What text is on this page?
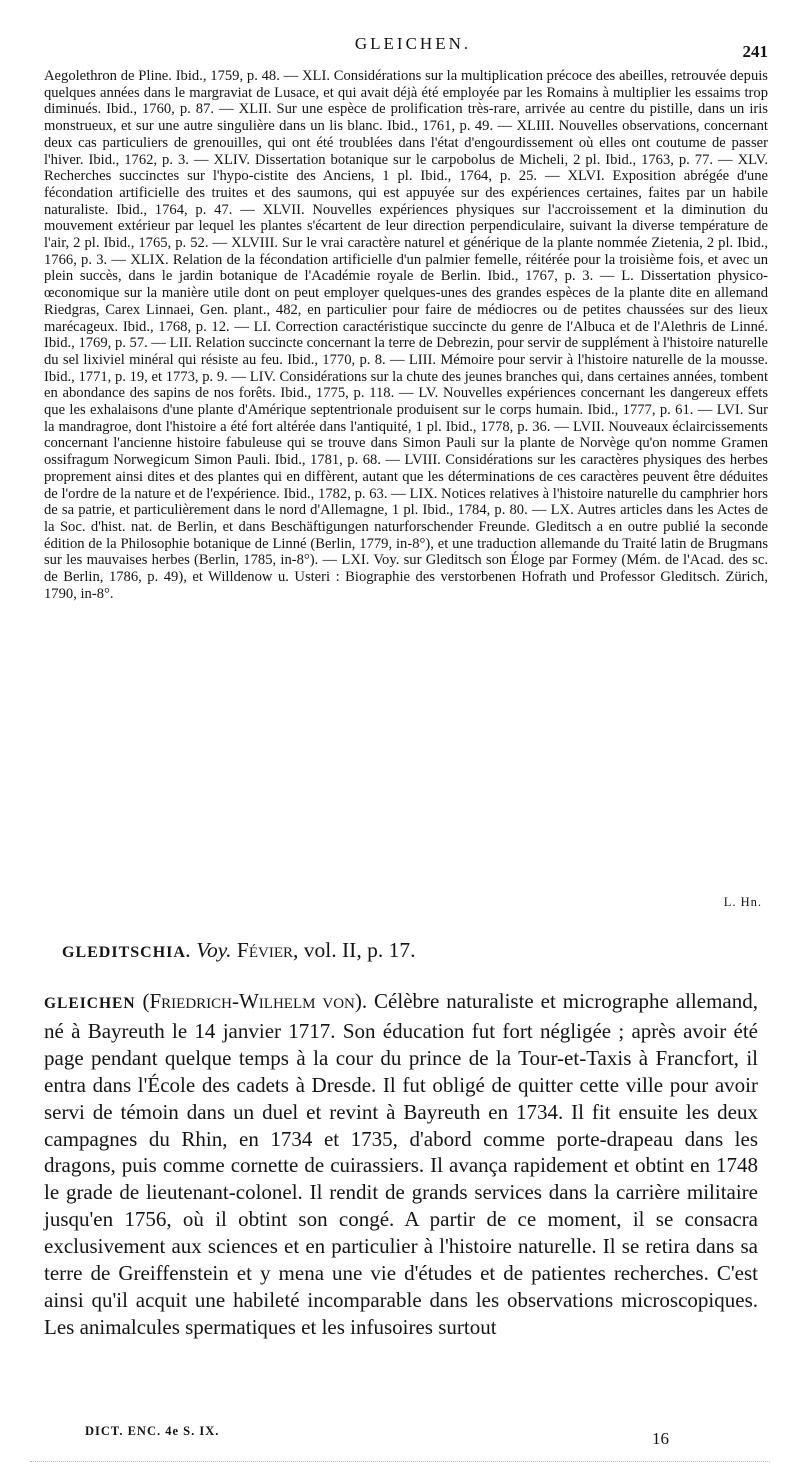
GLEICHEN.	241
Aegolethron de Pline. Ibid., 1759, p. 48. — XLI. Considérations sur la multiplication précoce des abeilles, retrouvée depuis quelques années dans le margraviat de Lusace, et qui avait déjà été employée par les Romains à multiplier les essaims trop diminués. Ibid., 1760, p. 87. — XLII. Sur une espèce de prolification très-rare, arrivée au centre du pistille, dans un iris monstrueux, et sur une autre singulière dans un lis blanc. Ibid., 1761, p. 49. — XLIII. Nouvelles observations, concernant deux cas particuliers de grenouilles, qui ont été troublées dans l'état d'engourdissement où elles ont coutume de passer l'hiver. Ibid., 1762, p. 3. — XLIV. Dissertation botanique sur le carpobolus de Micheli, 2 pl. Ibid., 1763, p. 77. — XLV. Recherches succinctes sur l'hypo-cistite des Anciens, 1 pl. Ibid., 1764, p. 25. — XLVI. Exposition abrégée d'une fécondation artificielle des truites et des saumons, qui est appuyée sur des expériences certaines, faites par un habile naturaliste. Ibid., 1764, p. 47. — XLVII. Nouvelles expériences physiques sur l'accroissement et la diminution du mouvement extérieur par lequel les plantes s'écartent de leur direction perpendiculaire, suivant la diverse température de l'air, 2 pl. Ibid., 1765, p. 52. — XLVIII. Sur le vrai caractère naturel et générique de la plante nommée Zietenia, 2 pl. Ibid., 1766, p. 3. — XLIX. Relation de la fécondation artificielle d'un palmier femelle, réitérée pour la troisième fois, et avec un plein succès, dans le jardin botanique de l'Académie royale de Berlin. Ibid., 1767, p. 3. — L. Dissertation physico-œconomique sur la manière utile dont on peut employer quelques-unes des grandes espèces de la plante dite en allemand Riedgras, Carex Linnaei, Gen. plant., 482, en particulier pour faire de médiocres ou de petites chaussées sur des lieux marécageux. Ibid., 1768, p. 12. — LI. Correction caractéristique succincte du genre de l'Albuca et de l'Alethris de Linné. Ibid., 1769, p. 57. — LII. Relation succincte concernant la terre de Debrezin, pour servir de supplément à l'histoire naturelle du sel lixiviel minéral qui résiste au feu. Ibid., 1770, p. 8. — LIII. Mémoire pour servir à l'histoire naturelle de la mousse. Ibid., 1771, p. 19, et 1773, p. 9. — LIV. Considérations sur la chute des jeunes branches qui, dans certaines années, tombent en abondance des sapins de nos forêts. Ibid., 1775, p. 118. — LV. Nouvelles expériences concernant les dangereux effets que les exhalaisons d'une plante d'Amérique septentrionale produisent sur le corps humain. Ibid., 1777, p. 61. — LVI. Sur la mandragroe, dont l'histoire a été fort altérée dans l'antiquité, 1 pl. Ibid., 1778, p. 36. — LVII. Nouveaux éclaircissements concernant l'ancienne histoire fabuleuse qui se trouve dans Simon Pauli sur la plante de Norvège qu'on nomme Gramen ossifragum Norwegicum Simon Pauli. Ibid., 1781, p. 68. — LVIII. Considérations sur les caractères physiques des herbes proprement ainsi dites et des plantes qui en diffèrent, autant que les déterminations de ces caractères peuvent être déduites de l'ordre de la nature et de l'expérience. Ibid., 1782, p. 63. — LIX. Notices relatives à l'histoire naturelle du camphrier hors de sa patrie, et particulièrement dans le nord d'Allemagne, 1 pl. Ibid., 1784, p. 80. — LX. Autres articles dans les Actes de la Soc. d'hist. nat. de Berlin, et dans Beschäftigungen naturforschender Freunde. Gleditsch a en outre publié la seconde édition de la Philosophie botanique de Linné (Berlin, 1779, in-8°), et une traduction allemande du Traité latin de Brugmans sur les mauvaises herbes (Berlin, 1785, in-8°). — LXI. Voy. sur Gleditsch son Éloge par Formey (Mém. de l'Acad. des sc. de Berlin, 1786, p. 49), et Willdenow u. Usteri : Biographie des verstorbenen Hofrath und Professor Gleditsch. Zürich, 1790, in-8°.
L. Hn.
GLEDITSCHIA. Voy. Févier, vol. II, p. 17.
GLEICHEN (Friedrich-Wilhelm von). Célèbre naturaliste et micrographe allemand, né à Bayreuth le 14 janvier 1717. Son éducation fut fort négligée ; après avoir été page pendant quelque temps à la cour du prince de la Tour-et-Taxis à Francfort, il entra dans l'École des cadets à Dresde. Il fut obligé de quitter cette ville pour avoir servi de témoin dans un duel et revint à Bayreuth en 1734. Il fit ensuite les deux campagnes du Rhin, en 1734 et 1735, d'abord comme porte-drapeau dans les dragons, puis comme cornette de cuirassiers. Il avança rapidement et obtint en 1748 le grade de lieutenant-colonel. Il rendit de grands services dans la carrière militaire jusqu'en 1756, où il obtint son congé. A partir de ce moment, il se consacra exclusivement aux sciences et en particulier à l'histoire naturelle. Il se retira dans sa terre de Greiffenstein et y mena une vie d'études et de patientes recherches. C'est ainsi qu'il acquit une habileté incomparable dans les observations microscopiques. Les animalcules spermatiques et les infusoires surtout
DICT. ENC. 4e S. IX.	16
